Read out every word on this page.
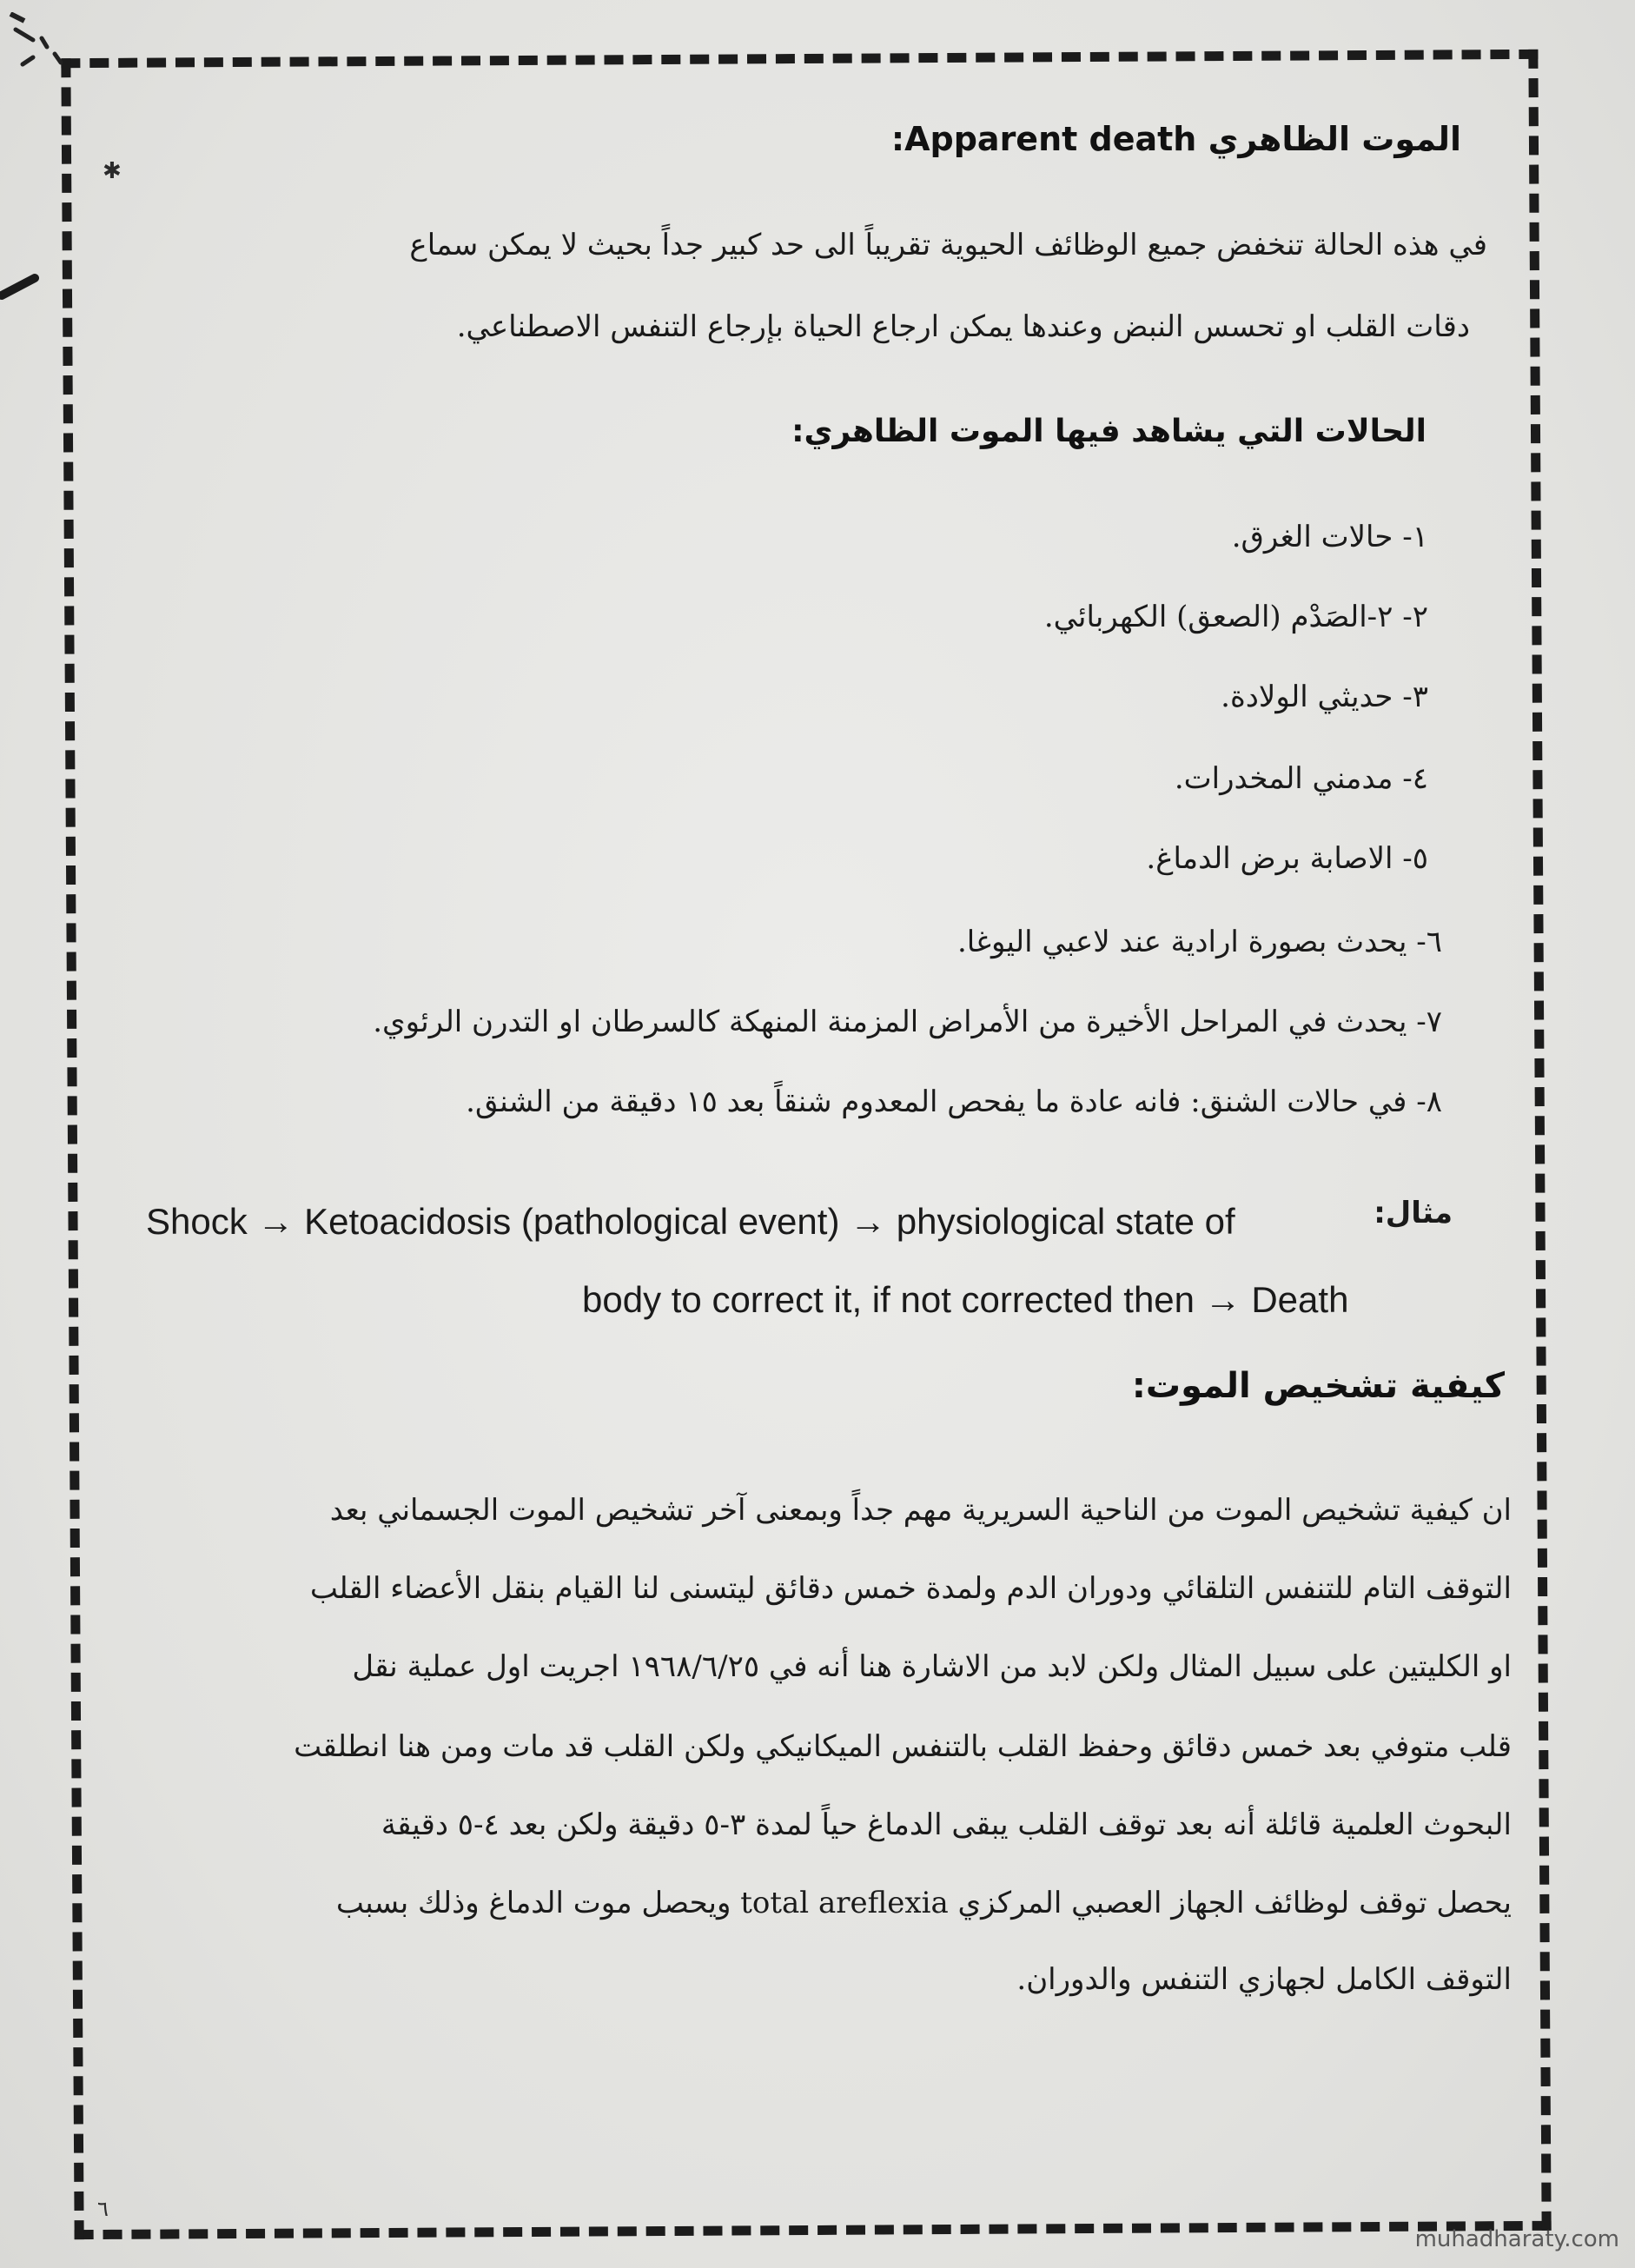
✱
الموت الظاهري Apparent death:
في هذه الحالة تنخفض جميع الوظائف الحيوية تقريباً الى حد كبير جداً بحيث لا يمكن سماع
دقات القلب او تحسس النبض وعندها يمكن ارجاع الحياة بإرجاع التنفس الاصطناعي.
الحالات التي يشاهد فيها الموت الظاهري:
١- حالات الغرق.
٢- ٢-الصَدْم (الصعق) الكهربائي.
٣- حديثي الولادة.
٤- مدمني المخدرات.
٥- الاصابة برض الدماغ.
٦- يحدث بصورة ارادية عند لاعبي اليوغا.
٧- يحدث في المراحل الأخيرة من الأمراض المزمنة المنهكة كالسرطان او التدرن الرئوي.
٨- في حالات الشنق: فانه عادة ما يفحص المعدوم شنقاً بعد ١٥ دقيقة من الشنق.
مثال:
Shock → Ketoacidosis (pathological event) → physiological state of
body to correct it, if not corrected then → Death
كيفية تشخيص الموت:
ان كيفية تشخيص الموت من الناحية السريرية مهم جداً وبمعنى آخر تشخيص الموت الجسماني بعد
التوقف التام للتنفس التلقائي ودوران الدم ولمدة خمس دقائق ليتسنى لنا القيام بنقل الأعضاء القلب
او الكليتين على سبيل المثال ولكن لابد من الاشارة هنا أنه في ١٩٦٨/٦/٢٥ اجريت اول عملية نقل
قلب متوفي بعد خمس دقائق وحفظ القلب بالتنفس الميكانيكي ولكن القلب قد مات ومن هنا انطلقت
البحوث العلمية قائلة أنه بعد توقف القلب يبقى الدماغ حياً لمدة ٣-٥ دقيقة ولكن بعد ٤-٥ دقيقة
يحصل توقف لوظائف الجهاز العصبي المركزي total areflexia ويحصل موت الدماغ وذلك بسبب
التوقف الكامل لجهازي التنفس والدوران.
٦
muhadharaty.com
